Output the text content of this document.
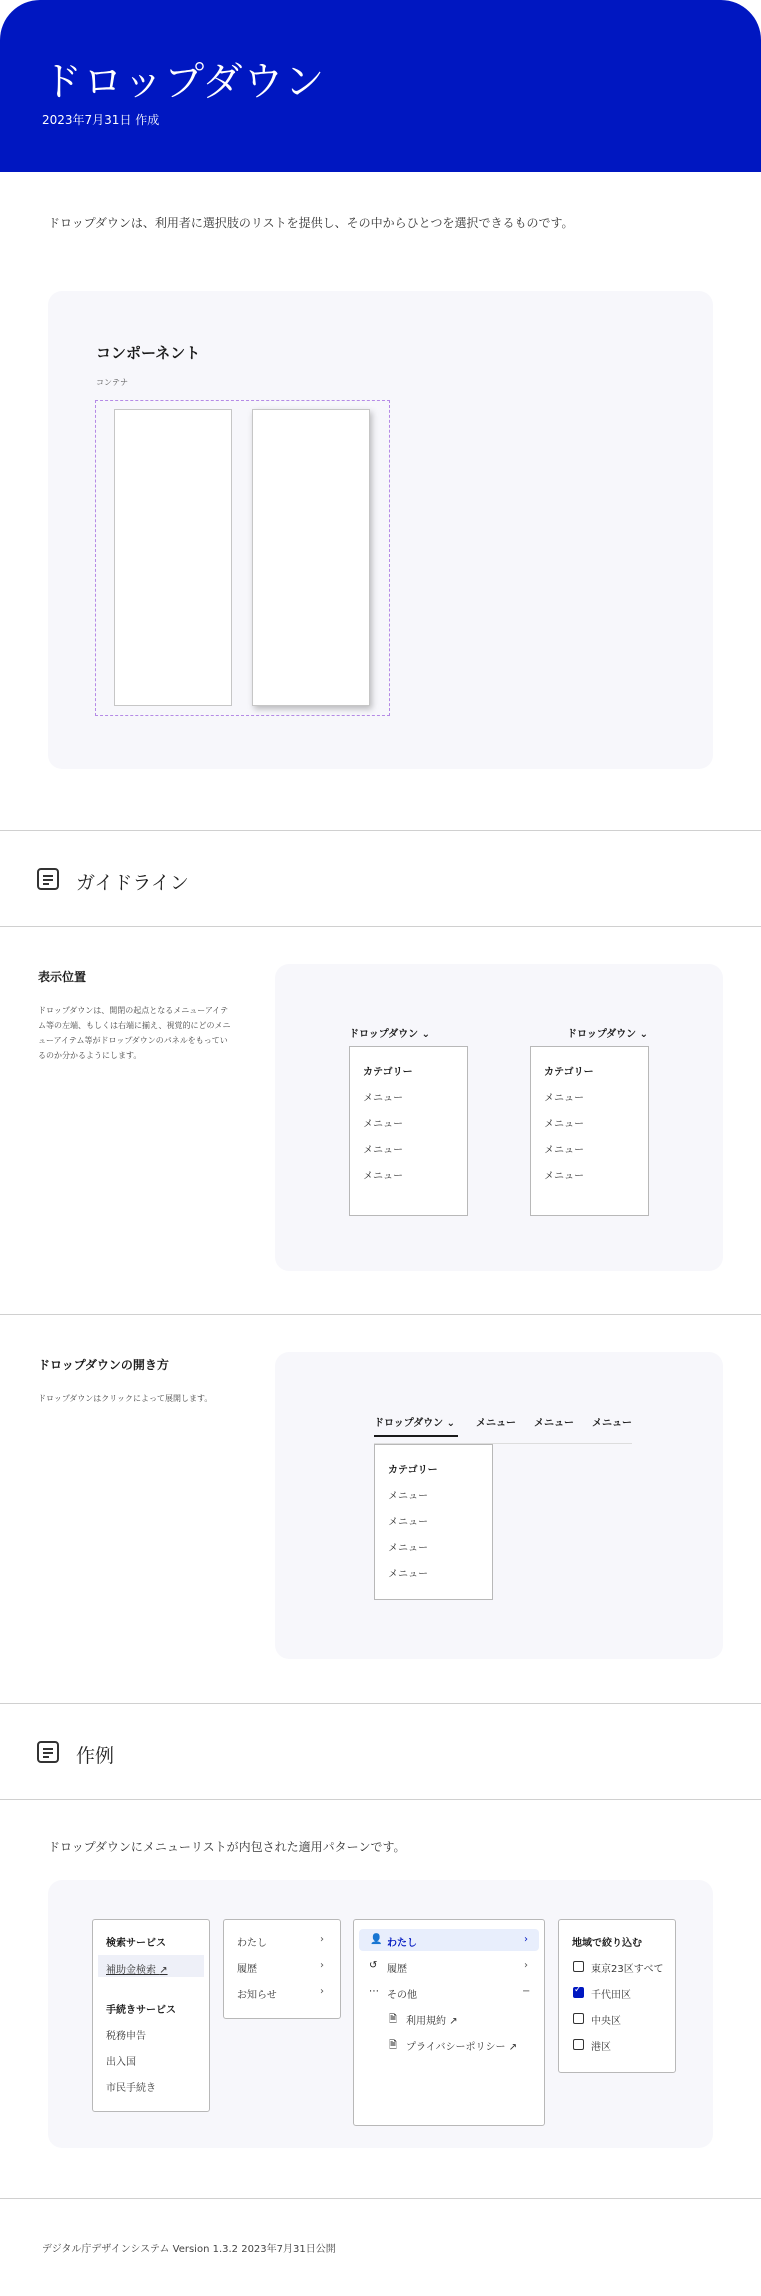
ドロップダウン
2023年7月31日 作成
ドロップダウンは、利用者に選択肢のリストを提供し、その中からひとつを選択できるものです。
コンポーネント
コンテナ
ガイドライン
表示位置
ドロップダウンは、開閉の起点となるメニューアイテム等の左端、もしくは右端に揃え、視覚的にどのメニューアイテム等がドロップダウンのパネルをもっているのか分かるようにします。
ドロップダウン ⌄
カテゴリー
メニュー
メニュー
メニュー
メニュー
ドロップダウン ⌄
カテゴリー
メニュー
メニュー
メニュー
メニュー
ドロップダウンの開き方
ドロップダウンはクリックによって展開します。
ドロップダウン ⌄	メニュー メニュー メニュー
カテゴリー
メニュー
メニュー
メニュー
メニュー
作例
ドロップダウンにメニューリストが内包された適用パターンです。
検索サービス
補助金検索 ↗
手続きサービス
税務申告
出入国
市民手続き
わたし	›
履歴	›
お知らせ	›
👤 わたし	›
↺ 履歴	›
⋯ その他	−
🗎 利用規約 ↗
🗎 プライバシーポリシー ↗
地域で絞り込む
東京23区すべて
✓ 千代田区
中央区
港区
デジタル庁デザインシステム Version 1.3.2 2023年7月31日公開
